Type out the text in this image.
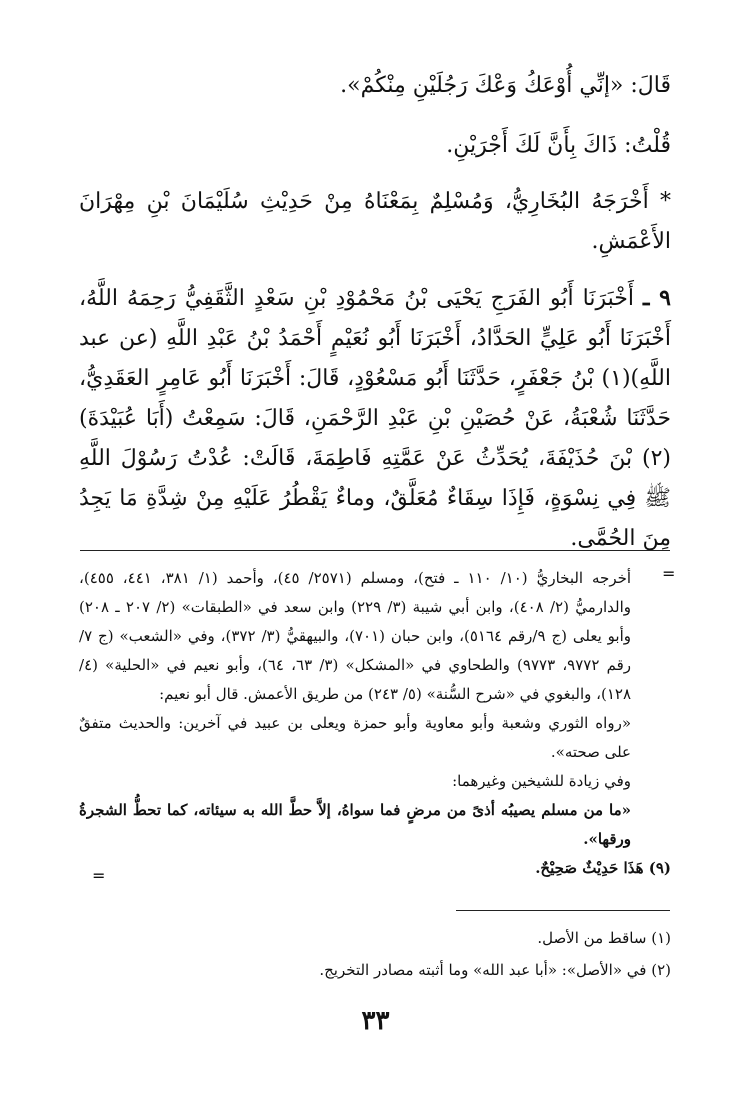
قَالَ: «إنِّي أُوْعَكُ وَعْكَ رَجُلَيْنِ مِنْكُمْ».
قُلْتُ: ذَاكَ بِأَنَّ لَكَ أَجْرَيْنِ.
* أَخْرَجَهُ البُخَارِيُّ، وَمُسْلِمٌ بِمَعْنَاهُ مِنْ حَدِيْثِ سُلَيْمَانَ بْنِ مِهْرَانَ الأَعْمَشِ.
٩ ـ أَخْبَرَنَا أَبُو الفَرَجِ يَحْيَى بْنُ مَحْمُوْدِ بْنِ سَعْدٍ الثَّقَفِيُّ رَحِمَهُ اللَّهُ، أَخْبَرَنَا أَبُو عَلِيٍّ الحَدَّادُ، أَخْبَرَنَا أَبُو نُعَيْمٍ أَحْمَدُ بْنُ عَبْدِ اللَّهِ (عن عبد اللَّهِ)(١) بْنُ جَعْفَرٍ، حَدَّثَنَا أَبُو مَسْعُوْدٍ، قَالَ: أَخْبَرَنَا أَبُو عَامِرٍ العَقَدِيُّ، حَدَّثَنَا شُعْبَةُ، عَنْ حُصَيْنِ بْنِ عَبْدِ الرَّحْمَنِ، قَالَ: سَمِعْتُ (أَبَا عُبَيْدَةَ)(٢) بْنَ حُذَيْفَةَ، يُحَدِّثُ عَنْ عَمَّتِهِ فَاطِمَةَ، قَالَتْ: عُدْتُ رَسُوْلَ اللَّهِ ﷺ فِي نِسْوَةٍ، فَإِذَا سِقَاءٌ مُعَلَّقٌ، وماءٌ يَقْطُرُ عَلَيْهِ مِنْ شِدَّةِ مَا يَجِدُ مِنَ الحُمَّى.
=
أخرجه البخاريُّ (١٠/ ١١٠ ـ فتح)، ومسلم (٢٥٧١/ ٤٥)، وأحمد (١/ ٣٨١، ٤٤١، ٤٥٥)، والدارميُّ (٢/ ٤٠٨)، وابن أبي شيبة (٣/ ٢٢٩) وابن سعد في «الطبقات» (٢/ ٢٠٧ ـ ٢٠٨) وأبو يعلى (ج ٩/رقم ٥١٦٤)، وابن حبان (٧٠١)، والبيهقيُّ (٣/ ٣٧٢)، وفي «الشعب» (ج ٧/رقم ٩٧٧٢، ٩٧٧٣) والطحاوي في «المشكل» (٣/ ٦٣، ٦٤)، وأبو نعيم في «الحلية» (٤/ ١٢٨)، والبغوي في «شرح السُّنة» (٥/ ٢٤٣) من طريق الأعمش. قال أبو نعيم:
«رواه الثوري وشعبة وأبو معاوية وأبو حمزة ويعلى بن عبيد في آخرين: والحديث متفقٌ على صحته».
وفي زيادة للشيخين وغيرهما:
«ما من مسلم يصيبُه أذىً من مرضٍ فما سواهُ، إلاَّ حطَّ الله به سيئاته، كما تحطُّ الشجرةُ ورقها».
(٩) هَذَا حَدِيْثٌ صَحِيْحٌ.
=
(١) ساقط من الأصل.
(٢) في «الأصل»: «أبا عبد الله» وما أثبته مصادر التخريج.
٣٣
